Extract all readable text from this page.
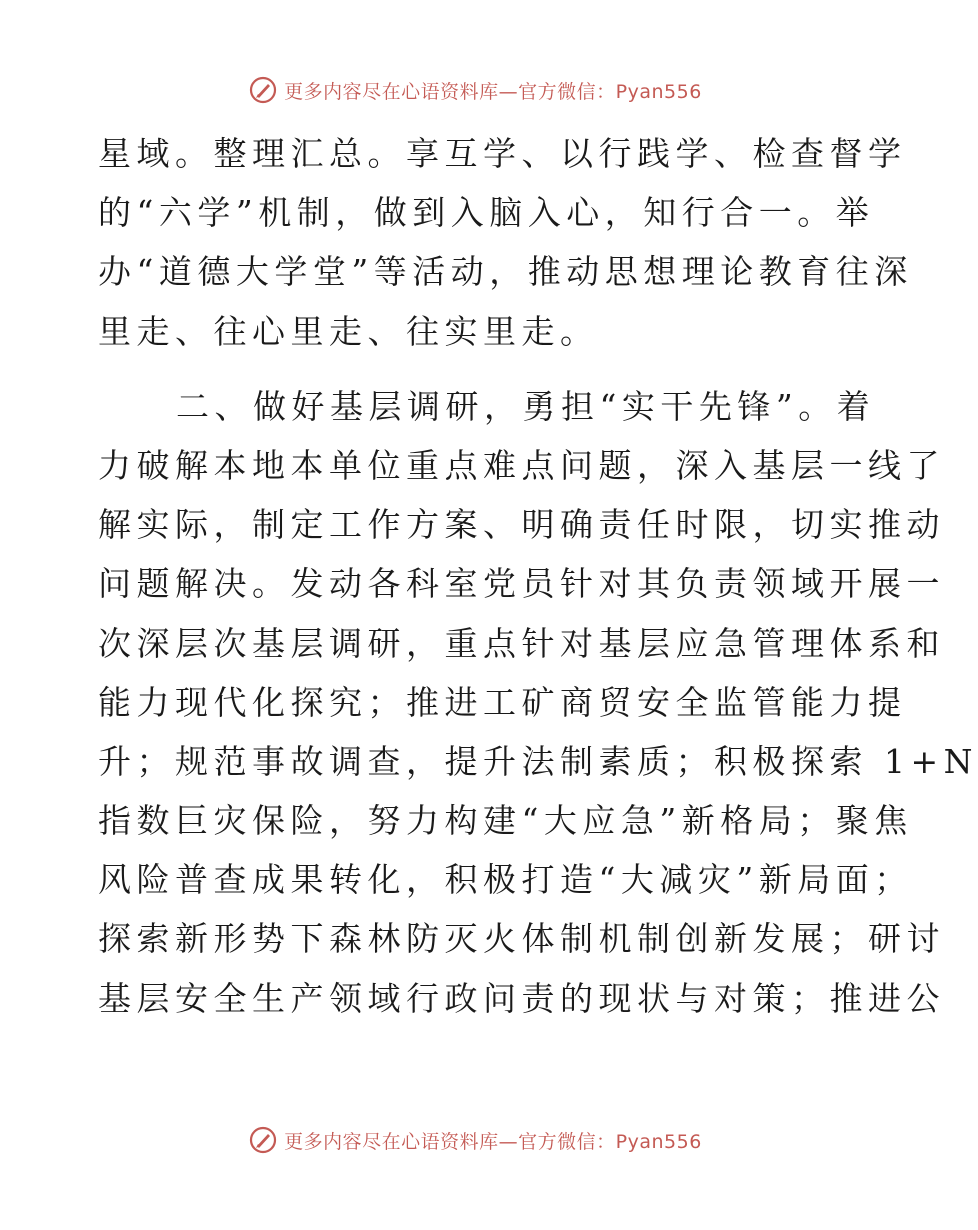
更多内容尽在心语资料库—官方微信：Pyan556
星域。整理汇总。享互学、以行践学、检查督学
的“六学”机制，做到入脑入心，知行合一。举
办“道德大学堂”等活动，推动思想理论教育往深
里走、往心里走、往实里走。
二、做好基层调研，勇担“实干先锋”。着
力破解本地本单位重点难点问题，深入基层一线了
解实际，制定工作方案、明确责任时限，切实推动
问题解决。发动各科室党员针对其负责领域开展一
次深层次基层调研，重点针对基层应急管理体系和
能力现代化探究；推进工矿商贸安全监管能力提
升；规范事故调查，提升法制素质；积极探索 1+N
指数巨灾保险，努力构建“大应急”新格局；聚焦
风险普查成果转化，积极打造“大减灾”新局面；
探索新形势下森林防灭火体制机制创新发展；研讨
基层安全生产领域行政问责的现状与对策；推进公
更多内容尽在心语资料库—官方微信：Pyan556
